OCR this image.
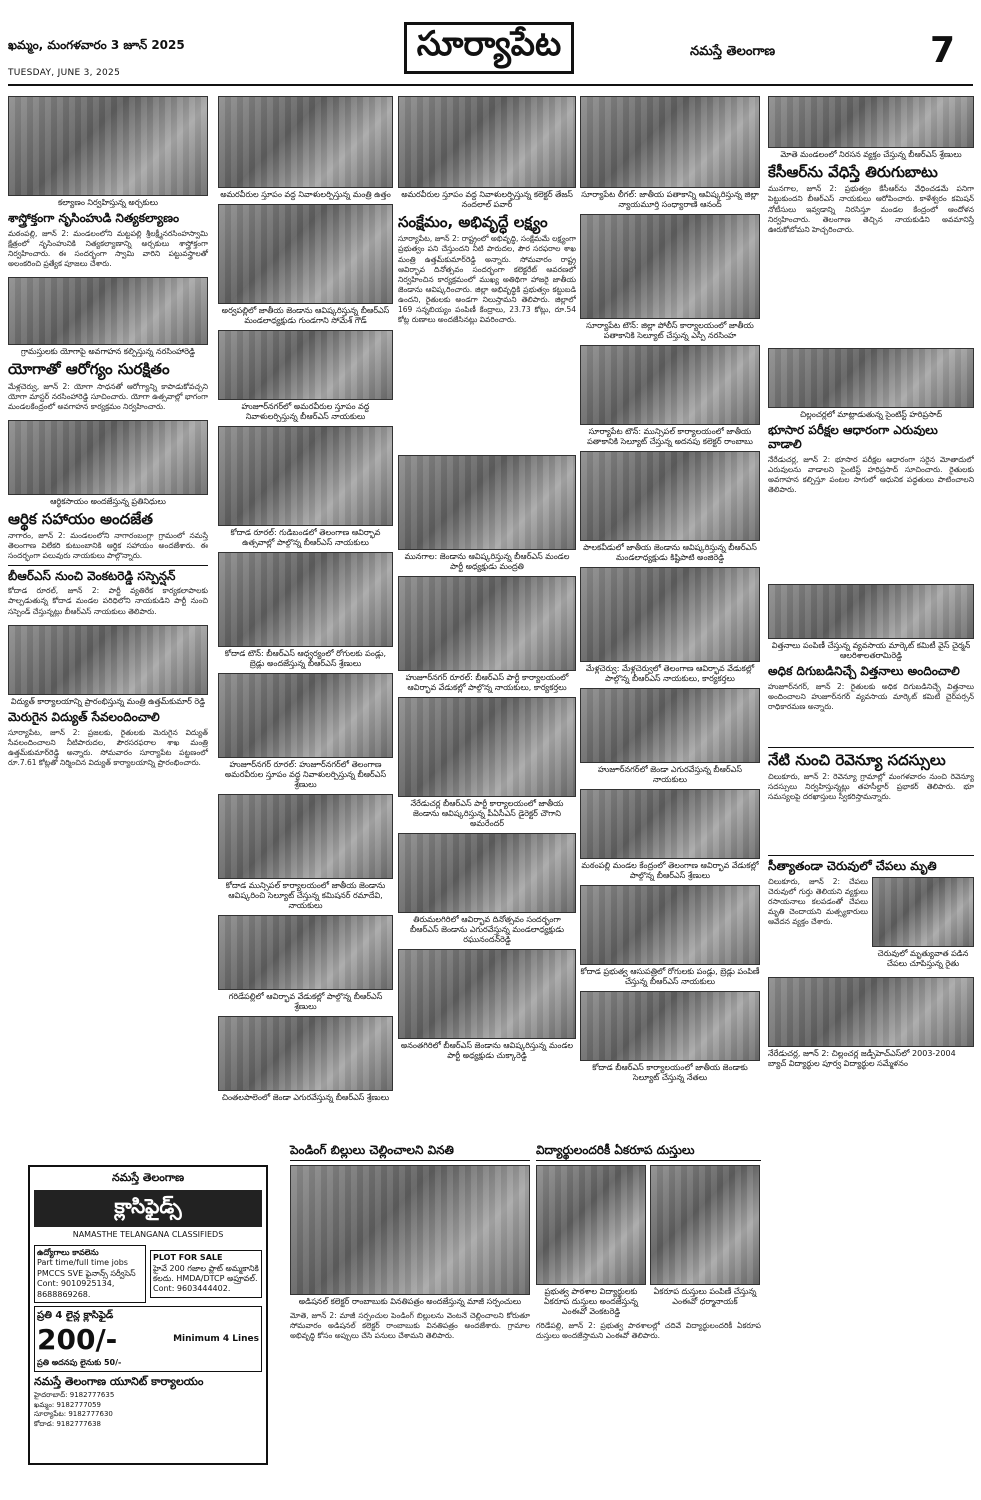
ఖమ్మం, మంగళవారం 3 జూన్ 2025
TUESDAY, JUNE 3, 2025
సూర్యాపేట	నమస్తే తెలంగాణ	7
కల్యాణం నిర్వహిస్తున్న అర్చకులు
శాస్త్రోక్తంగా నృసింహుడి నిత్యకల్యాణం
మఠంపల్లి, జూన్ 2: మండలంలోని మట్టపల్లి శ్రీలక్ష్మీనరసింహస్వామి క్షేత్రంలో నృసింహునికి నిత్యకల్యాణాన్ని అర్చకులు శాస్త్రోక్తంగా నిర్వహించారు. ఈ సందర్భంగా స్వామి వారిని పట్టువస్త్రాలతో అలంకరించి ప్రత్యేక పూజలు చేశారు.
గ్రామస్తులకు యోగాపై అవగాహన కల్పిస్తున్న నరసింహారెడ్డి
యోగాతో ఆరోగ్యం సురక్షితం
మేళ్లచెర్వు, జూన్ 2: యోగా సాధనతో ఆరోగ్యాన్ని కాపాడుకోవచ్చని యోగా మాస్టర్ నరసింహారెడ్డి సూచించారు. యోగా ఉత్సవాల్లో భాగంగా మండలకేంద్రంలో అవగాహన కార్యక్రమం నిర్వహించారు.
ఆర్థికసాయం అందజేస్తున్న ప్రతినిధులు
ఆర్థిక సహాయం అందజేత
నాగారం, జూన్ 2: మండలంలోని నాగారంబంగ్లా గ్రామంలో నమస్తే తెలంగాణ విలేకరి కుటుంబానికి ఆర్థిక సహాయం అందజేశారు. ఈ సందర్భంగా పలువురు నాయకులు పాల్గొన్నారు.
బీఆర్ఎస్ నుంచి వెంకటరెడ్డి సస్పెన్షన్
కోదాడ రూరల్, జూన్ 2: పార్టీ వ్యతిరేక కార్యకలాపాలకు పాల్పడుతున్న కోదాడ మండల పరిధిలోని నాయకుడిని పార్టీ నుంచి సస్పెండ్ చేస్తున్నట్లు బీఆర్ఎస్ నాయకులు తెలిపారు.
విద్యుత్ కార్యాలయాన్ని ప్రారంభిస్తున్న మంత్రి ఉత్తమ్‌కుమార్ రెడ్డి
మెరుగైన విద్యుత్ సేవలందించాలి
సూర్యాపేట, జూన్ 2: ప్రజలకు, రైతులకు మెరుగైన విద్యుత్ సేవలందించాలని నీటిపారుదల, పౌరసరఫరాల శాఖ మంత్రి ఉత్తమ్‌కుమార్‌రెడ్డి అన్నారు. సోమవారం సూర్యాపేట పట్టణంలో రూ.7.61 కోట్లతో నిర్మించిన విద్యుత్ కార్యాలయాన్ని ప్రారంభించారు.
అమరవీరుల స్తూపం వద్ద నివాళులర్పిస్తున్న మంత్రి ఉత్తం
అర్వపల్లిలో జాతీయ జెండాను ఆవిష్కరిస్తున్న బీఆర్ఎస్ మండలాధ్యక్షుడు గుండగాని సోమేశ్ గౌడ్
హుజూర్‌నగర్‌లో అమరవీరుల స్తూపం వద్ద నివాళులర్పిస్తున్న బీఆర్ఎస్ నాయకులు
కోదాడ రూరల్: గుడిబండలో తెలంగాణ ఆవిర్భావ ఉత్సవాల్లో పాల్గొన్న బీఆర్ఎస్ నాయకులు
కోదాడ టౌన్: బీఆర్ఎస్ ఆధ్వర్యంలో రోగులకు పండ్లు, బ్రెడ్లు అందజేస్తున్న బీఆర్ఎస్ శ్రేణులు
హుజూర్‌నగర్ రూరల్: హుజూర్‌నగర్‌లో తెలంగాణ అమరవీరుల స్తూపం వద్ద నివాళులర్పిస్తున్న బీఆర్ఎస్ శ్రేణులు
కోదాడ మున్సిపల్ కార్యాలయంలో జాతీయ జెండాను ఆవిష్కరించి సెల్యూట్ చేస్తున్న కమిషనర్ రమాదేవి, నాయకులు
గరిడేపల్లిలో ఆవిర్భావ వేడుకల్లో పాల్గొన్న బీఆర్ఎస్ శ్రేణులు
చింతలపాలెంలో జెండా ఎగురవేస్తున్న బీఆర్ఎస్ శ్రేణులు
అమరవీరుల స్తూపం వద్ద నివాళులర్పిస్తున్న కలెక్టర్ తేజస్ నందలాల్ పవార్
సంక్షేమం, అభివృద్ధే లక్ష్యం
సూర్యాపేట, జూన్ 2: రాష్ట్రంలో అభివృద్ధి, సంక్షేమమే లక్ష్యంగా ప్రభుత్వం పని చేస్తుందని నీటి పారుదల, పౌర సరఫరాల శాఖ మంత్రి ఉత్తమ్‌కుమార్‌రెడ్డి అన్నారు. సోమవారం రాష్ట్ర ఆవిర్భావ దినోత్సవం సందర్భంగా కలెక్టరేట్ ఆవరణలో నిర్వహించిన కార్యక్రమంలో ముఖ్య అతిథిగా హాజరై జాతీయ జెండాను ఆవిష్కరించారు. జిల్లా అభివృద్ధికి ప్రభుత్వం కట్టుబడి ఉందని, రైతులకు అండగా నిలుస్తామని తెలిపారు. జిల్లాలో 169 సన్నబియ్యం పంపిణీ కేంద్రాలు, 23.73 కోట్లు, రూ.54 కోట్ల రుణాలు అందజేసినట్లు వివరించారు.
మునగాల: జెండాను ఆవిష్కరిస్తున్న బీఆర్ఎస్ మండల పార్టీ అధ్యక్షుడు మంద్రతి
హుజూర్‌నగర్ రూరల్: బీఆర్ఎస్ పార్టీ కార్యాలయంలో ఆవిర్భావ వేడుకల్లో పాల్గొన్న నాయకులు, కార్యకర్తలు
నేరేడుచర్ల బీఆర్ఎస్ పార్టీ కార్యాలయంలో జాతీయ జెండాను ఆవిష్కరిస్తున్న పీఏసీఎస్ డైరెక్టర్ చౌగాని అమరేందర్
తిరుమలగిరిలో ఆవిర్భావ దినోత్సవం సందర్భంగా బీఆర్ఎస్ జెండాను ఎగురవేస్తున్న మండలాధ్యక్షుడు రఘునందన్‌రెడ్డి
అనంతగిరిలో బీఆర్ఎస్ జెండాను ఆవిష్కరిస్తున్న మండల పార్టీ అధ్యక్షుడు చుక్కారెడ్డి
సూర్యాపేట లీగల్: జాతీయ పతాకాన్ని ఆవిష్కరిస్తున్న జిల్లా న్యాయమూర్తి సంధ్యారాణి ఆనంద్
సూర్యాపేట టౌన్: జిల్లా పోలీస్ కార్యాలయంలో జాతీయ పతాకానికి సెల్యూట్ చేస్తున్న ఎస్పీ నరసింహ
సూర్యాపేట టౌన్: మున్సిపల్ కార్యాలయంలో జాతీయ పతాకానికి సెల్యూట్ చేస్తున్న అదనపు కలెక్టర్ రాంబాబు
పాలకవీడులో జాతీయ జెండాను ఆవిష్కరిస్తున్న బీఆర్ఎస్ మండలాధ్యక్షుడు కిష్టిపాటి అంజిరెడ్డి
మేళ్లచెర్వు: మేళ్లచెర్వులో తెలంగాణ ఆవిర్భావ వేడుకల్లో పాల్గొన్న బీఆర్ఎస్ నాయకులు, కార్యకర్తలు
హుజూర్‌నగర్‌లో జెండా ఎగురవేస్తున్న బీఆర్ఎస్ నాయకులు
మఠంపల్లి మండల కేంద్రంలో తెలంగాణ ఆవిర్భావ వేడుకల్లో పాల్గొన్న బీఆర్ఎస్ శ్రేణులు
కోదాడ ప్రభుత్వ ఆసుపత్రిలో రోగులకు పండ్లు, బ్రెడ్లు పంపిణీ చేస్తున్న బీఆర్ఎస్ నాయకులు
కోదాడ బీఆర్ఎస్ కార్యాలయంలో జాతీయ జెండాకు సెల్యూట్ చేస్తున్న నేతలు
మోతె మండలంలో నిరసన వ్యక్తం చేస్తున్న బీఆర్ఎస్ శ్రేణులు
కేసీఆర్‌ను వేధిస్తే తిరుగుబాటు
మునగాల, జూన్ 2: ప్రభుత్వం కేసీఆర్‌ను వేధించడమే పనిగా పెట్టుకుందని బీఆర్ఎస్ నాయకులు ఆరోపించారు. కాళేశ్వరం కమిషన్ నోటీసులు ఇవ్వడాన్ని నిరసిస్తూ మండల కేంద్రంలో ఆందోళన నిర్వహించారు. తెలంగాణ తెచ్చిన నాయకుడిని అవమానిస్తే ఊరుకోబోమని హెచ్చరించారు.
చిల్లంచర్లలో మాట్లాడుతున్న సైంటిస్ట్ హరిప్రసాద్
భూసార పరీక్షల ఆధారంగా ఎరువులు వాడాలి
నేరేడుచర్ల, జూన్ 2: భూసార పరీక్షల ఆధారంగా సరైన మోతాదులో ఎరువులను వాడాలని సైంటిస్ట్ హరిప్రసాద్ సూచించారు. రైతులకు అవగాహన కల్పిస్తూ పంటల సాగులో ఆధునిక పద్ధతులు పాటించాలని తెలిపారు.
విత్తనాలు పంపిణీ చేస్తున్న వ్యవసాయ మార్కెట్ కమిటీ వైస్ చైర్మన్ ఆలరిశాలతరామిరెడ్డి
అధిక దిగుబడినిచ్చే విత్తనాలు అందించాలి
హుజూర్‌నగర్, జూన్ 2: రైతులకు అధిక దిగుబడినిచ్చే విత్తనాలు అందించాలని హుజూర్‌నగర్ వ్యవసాయ మార్కెట్ కమిటీ చైర్‌పర్సన్ రాధికారమణ అన్నారు.
నేటి నుంచి రెవెన్యూ సదస్సులు
చిలుకూరు, జూన్ 2: రెవెన్యూ గ్రామాల్లో మంగళవారం నుంచి రెవెన్యూ సదస్సులు నిర్వహిస్తున్నట్లు తహసీల్దార్ ప్రభాకర్ తెలిపారు. భూ సమస్యలపై దరఖాస్తులు స్వీకరిస్తామన్నారు.
సీత్యాతండా చెరువులో చేపలు మృతి
చిలుకూరు, జూన్ 2: చేపలు చెరువులో గుర్తు తెలియని వ్యక్తులు రసాయనాలు కలపడంతో చేపలు మృతి చెందాయని మత్స్యకారులు ఆవేదన వ్యక్తం చేశారు.
చెరువులో మృత్యువాత పడిన చేపలు చూపిస్తున్న రైతు
నేరేడుచర్ల, జూన్ 2: చిల్లంచర్ల జడ్పీహెచ్ఎస్‌లో 2003-2004 బ్యాచ్ విద్యార్థుల పూర్వ విద్యార్థుల సమ్మేళనం
పెండింగ్ బిల్లులు చెల్లించాలని వినతి
అడిషనల్ కలెక్టర్ రాంబాబుకు వినతిపత్రం అందజేస్తున్న మాజీ సర్పంచులు
మోతె, జూన్ 2: మాజీ సర్పంచుల పెండింగ్ బిల్లులను వెంటనే చెల్లించాలని కోరుతూ సోమవారం అడిషనల్ కలెక్టర్ రాంబాబుకు వినతిపత్రం అందజేశారు. గ్రామాల అభివృద్ధి కోసం అప్పులు చేసి పనులు చేశామని తెలిపారు.
విద్యార్థులందరికీ ఏకరూప దుస్తులు
ప్రభుత్వ పాఠశాల విద్యార్థులకు ఏకరూప దుస్తులు అందజేస్తున్న ఎంఈవో వెంకటరెడ్డి
ఏకరూప దుస్తులు పంపిణీ చేస్తున్న ఎంఈవో ధర్మానాయక్
గరిడేపల్లి, జూన్ 2: ప్రభుత్వ పాఠశాలల్లో చదివే విద్యార్థులందరికీ ఏకరూప దుస్తులు అందజేస్తామని ఎంఈవో తెలిపారు.
నమస్తే తెలంగాణ
క్లాసిఫైడ్స్
NAMASTHE TELANGANA CLASSIFIEDS
ఉద్యోగాలు కావలెను
Part time/full time jobs PMCCS SVE ఫైనాన్స్ సర్వీసెస్ Cont: 9010925134, 8688869268.
PLOT FOR SALE
హైవే 200 గజాల ప్లాట్ అమ్మకానికి కలదు. HMDA/DTCP అప్రూవల్. Cont: 9603444402.
ప్రతి 4 లైన్ల క్లాసిఫైడ్
200/-	Minimum 4 Lines
ప్రతి అదనపు లైనుకు 50/-
నమస్తే తెలంగాణ యూనిట్ కార్యాలయం
హైదరాబాద్: 9182777635
ఖమ్మం: 9182777059
సూర్యాపేట: 9182777630
కోదాడ: 9182777638
